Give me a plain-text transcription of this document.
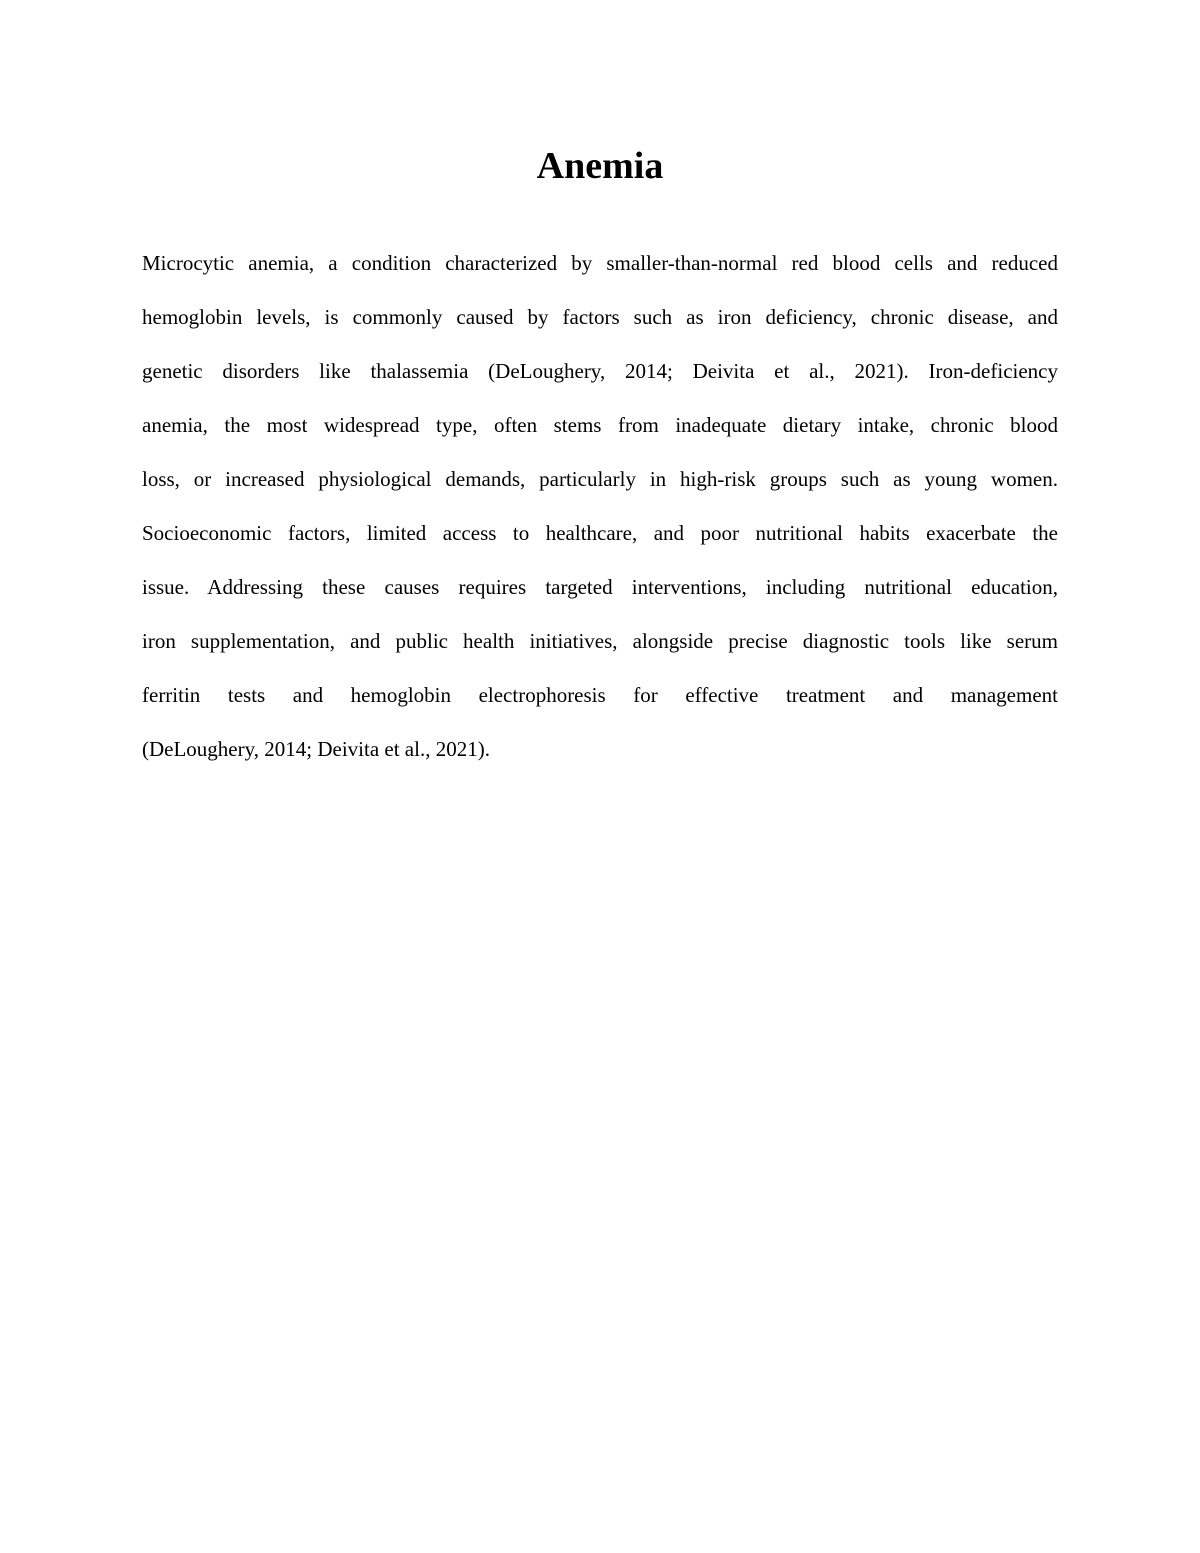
Anemia

Microcytic anemia, a condition characterized by smaller-than-normal red blood cells and reduced
hemoglobin levels, is commonly caused by factors such as iron deficiency, chronic disease, and
genetic disorders like thalassemia (DeLoughery, 2014; Deivita et al., 2021). Iron-deficiency
anemia, the most widespread type, often stems from inadequate dietary intake, chronic blood
loss, or increased physiological demands, particularly in high-risk groups such as young women.
Socioeconomic factors, limited access to healthcare, and poor nutritional habits exacerbate the
issue. Addressing these causes requires targeted interventions, including nutritional education,
iron supplementation, and public health initiatives, alongside precise diagnostic tools like serum
ferritin tests and hemoglobin electrophoresis for effective treatment and management
(DeLoughery, 2014; Deivita et al., 2021).
